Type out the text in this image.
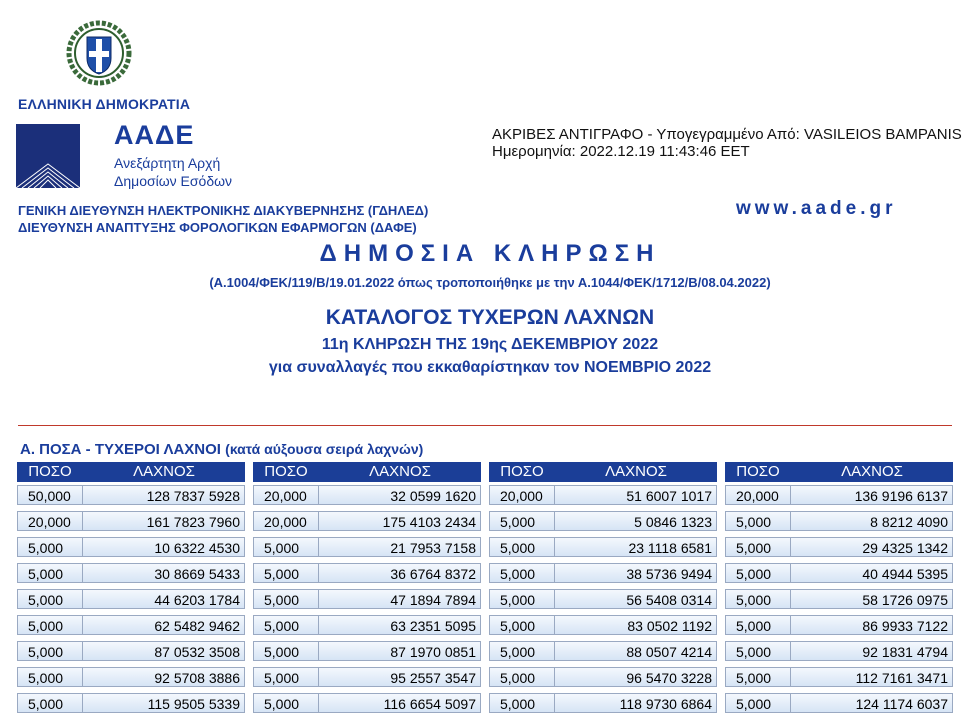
ΕΛΛΗΝΙΚΗ ΔΗΜΟΚΡΑΤΙΑ
ΑΑΔΕ
Ανεξάρτητη Αρχή
Δημοσίων Εσόδων
ΑΚΡΙΒΕΣ ΑΝΤΙΓΡΑΦΟ - Υπογεγραμμένο Από: VASILEIOS BAMPANIS
Ημερομηνία: 2022.12.19 11:43:46 EET
ΓΕΝΙΚΗ ΔΙΕΥΘΥΝΣΗ ΗΛΕΚΤΡΟΝΙΚΗΣ ΔΙΑΚΥΒΕΡΝΗΣΗΣ (ΓΔΗΛΕΔ)
ΔΙΕΥΘΥΝΣΗ ΑΝΑΠΤΥΞΗΣ ΦΟΡΟΛΟΓΙΚΩΝ ΕΦΑΡΜΟΓΩΝ (ΔΑΦΕ)
www.aade.gr
ΔΗΜΟΣΙΑ ΚΛΗΡΩΣΗ
(Α.1004/ΦΕΚ/119/Β/19.01.2022 όπως τροποποιήθηκε με την Α.1044/ΦΕΚ/1712/Β/08.04.2022)
ΚΑΤΑΛΟΓΟΣ ΤΥΧΕΡΩΝ ΛΑΧΝΩΝ
11η ΚΛΗΡΩΣΗ ΤΗΣ 19ης ΔΕΚΕΜΒΡΙΟΥ 2022
για συναλλαγές που εκκαθαρίστηκαν τον ΝΟΕΜΒΡΙΟ 2022
Α. ΠΟΣΑ - ΤΥΧΕΡΟΙ ΛΑΧΝΟΙ (κατά αύξουσα σειρά λαχνών)
ΠΟΣΟ	ΛΑΧΝΟΣ
50,000	128 7837 5928
20,000	161 7823 7960
5,000	10 6322 4530
5,000	30 8669 5433
5,000	44 6203 1784
5,000	62 5482 9462
5,000	87 0532 3508
5,000	92 5708 3886
5,000	115 9505 5339
ΠΟΣΟ	ΛΑΧΝΟΣ
20,000	32 0599 1620
20,000	175 4103 2434
5,000	21 7953 7158
5,000	36 6764 8372
5,000	47 1894 7894
5,000	63 2351 5095
5,000	87 1970 0851
5,000	95 2557 3547
5,000	116 6654 5097
ΠΟΣΟ	ΛΑΧΝΟΣ
20,000	51 6007 1017
5,000	5 0846 1323
5,000	23 1118 6581
5,000	38 5736 9494
5,000	56 5408 0314
5,000	83 0502 1192
5,000	88 0507 4214
5,000	96 5470 3228
5,000	118 9730 6864
ΠΟΣΟ	ΛΑΧΝΟΣ
20,000	136 9196 6137
5,000	8 8212 4090
5,000	29 4325 1342
5,000	40 4944 5395
5,000	58 1726 0975
5,000	86 9933 7122
5,000	92 1831 4794
5,000	112 7161 3471
5,000	124 1174 6037
